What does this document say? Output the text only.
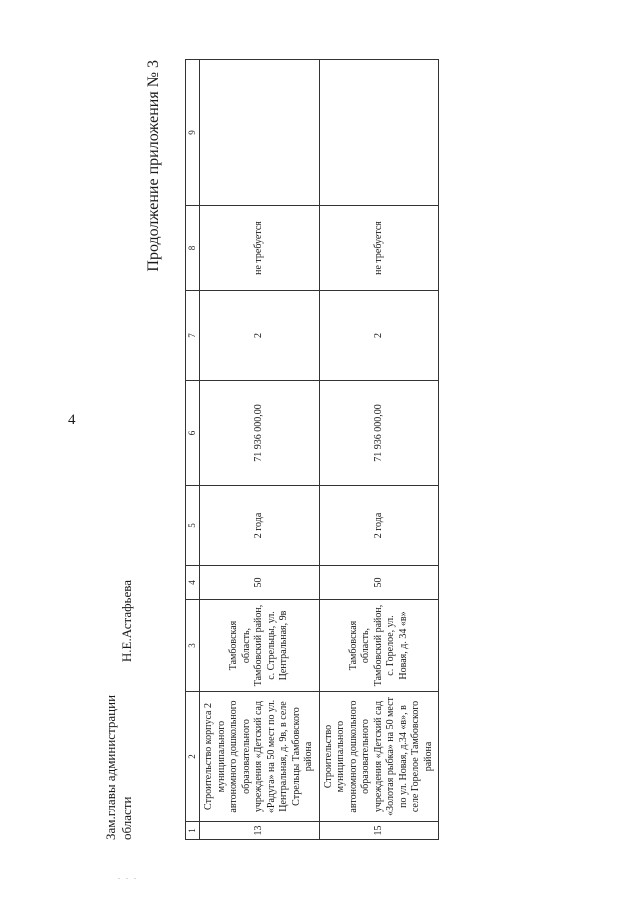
4
Продолжение приложения № 3
1	2	3	4	5	6	7	8	9
13	Строительство корпуса 2 муниципального автономного дошкольного образовательного учреждения «Детский сад «Радуга» на 50 мест по ул. Центральная, д. 9в, в селе Стрельцы Тамбовского района	Тамбовская область, Тамбовский район, с. Стрельцы, ул. Центральная, 9в	50	2 года	71 936 000,00	2	не требуется	
15	Строительство муниципального автономного дошкольного образовательного учреждения «Детский сад «Золотая рыбка» на 50 мест по ул. Новая, д.34 «в», в селе Горелое Тамбовского района	Тамбовская область, Тамбовский район, с. Горелое, ул. Новая, д. 34 «в»	50	2 года	71 936 000,00	2	не требуется	
Зам.главы администрации области
Н.Е.Астафьева
. . .
